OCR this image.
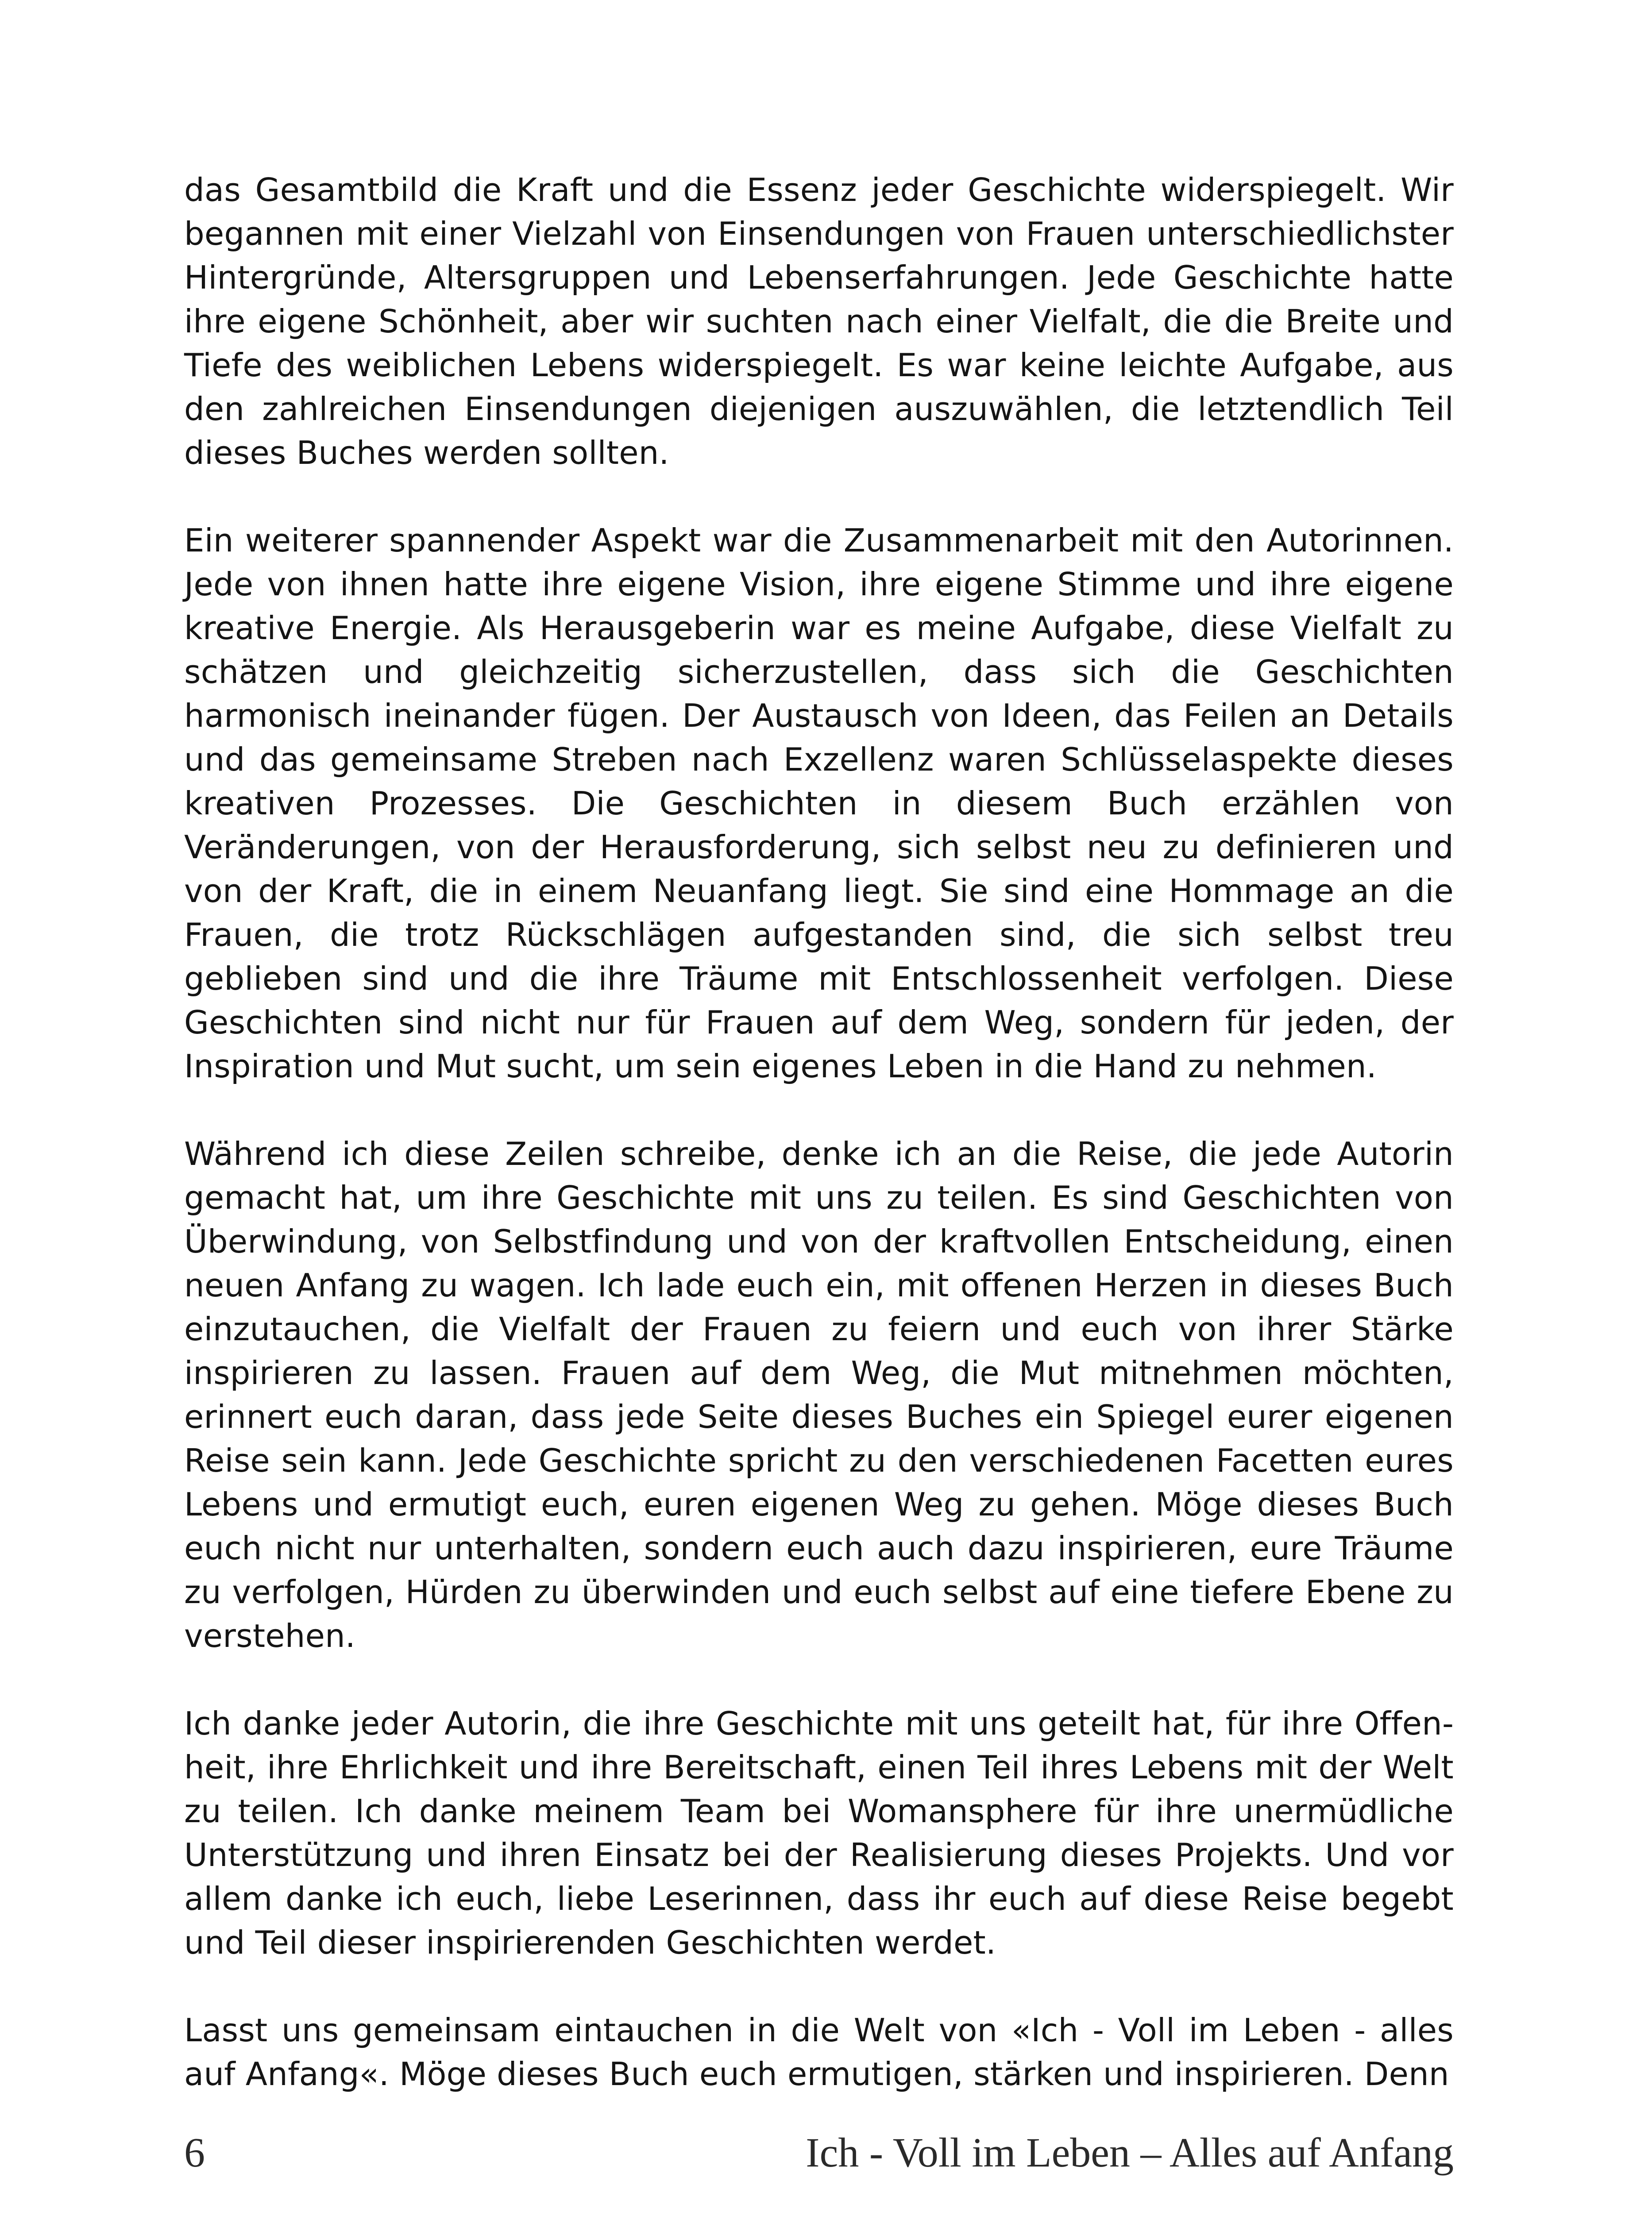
das Gesamtbild die Kraft und die Essenz jeder Geschichte widerspiegelt. Wir begannen mit einer Vielzahl von Einsendungen von Frauen unterschiedlichster Hintergründe, Altersgruppen und Lebenserfahrungen. Jede Geschichte hatte ihre eigene Schönheit, aber wir suchten nach einer Vielfalt, die die Breite und Tiefe des weiblichen Lebens widerspiegelt. Es war keine leichte Aufgabe, aus den zahlreichen Einsendungen diejenigen auszuwählen, die letztendlich Teil dieses Buches werden sollten.

Ein weiterer spannender Aspekt war die Zusammenarbeit mit den Autorinnen. Jede von ihnen hatte ihre eigene Vision, ihre eigene Stimme und ihre eigene kreative Energie. Als Herausgeberin war es meine Aufgabe, diese Vielfalt zu schätzen und gleichzeitig sicherzustellen, dass sich die Geschichten harmonisch ineinander fügen. Der Austausch von Ideen, das Feilen an Details und das gemeinsame Streben nach Exzellenz waren Schlüsselaspekte dieses kreativen Prozesses. Die Geschichten in diesem Buch erzählen von Veränderungen, von der Herausforderung, sich selbst neu zu definieren und von der Kraft, die in einem Neuanfang liegt. Sie sind eine Hommage an die Frauen, die trotz Rückschlägen aufgestanden sind, die sich selbst treu geblieben sind und die ihre Träume mit Entschlossenheit verfolgen. Diese Geschichten sind nicht nur für Frauen auf dem Weg, sondern für jeden, der Inspiration und Mut sucht, um sein eigenes Leben in die Hand zu nehmen.

Während ich diese Zeilen schreibe, denke ich an die Reise, die jede Autorin gemacht hat, um ihre Geschichte mit uns zu teilen. Es sind Geschichten von Überwindung, von Selbstfindung und von der kraftvollen Entscheidung, einen neuen Anfang zu wagen. Ich lade euch ein, mit offenen Herzen in dieses Buch einzutauchen, die Vielfalt der Frauen zu feiern und euch von ihrer Stärke inspirieren zu lassen. Frauen auf dem Weg, die Mut mitnehmen möchten, erinnert euch daran, dass jede Seite dieses Buches ein Spiegel eurer eigenen Reise sein kann. Jede Geschichte spricht zu den verschiedenen Facetten eures Lebens und ermutigt euch, euren eigenen Weg zu gehen. Möge dieses Buch euch nicht nur unterhalten, sondern euch auch dazu inspirieren, eure Träume zu verfolgen, Hürden zu überwinden und euch selbst auf eine tiefere Ebene zu verstehen.

Ich danke jeder Autorin, die ihre Geschichte mit uns geteilt hat, für ihre Offenheit, ihre Ehrlichkeit und ihre Bereitschaft, einen Teil ihres Lebens mit der Welt zu teilen. Ich danke meinem Team bei Womansphere für ihre unermüdliche Unterstützung und ihren Einsatz bei der Realisierung dieses Projekts. Und vor allem danke ich euch, liebe Leserinnen, dass ihr euch auf diese Reise begebt und Teil dieser inspirierenden Geschichten werdet.

Lasst uns gemeinsam eintauchen in die Welt von «Ich - Voll im Leben - alles auf Anfang«. Möge dieses Buch euch ermutigen, stärken und inspirieren. Denn

6	Ich - Voll im Leben – Alles auf Anfang
